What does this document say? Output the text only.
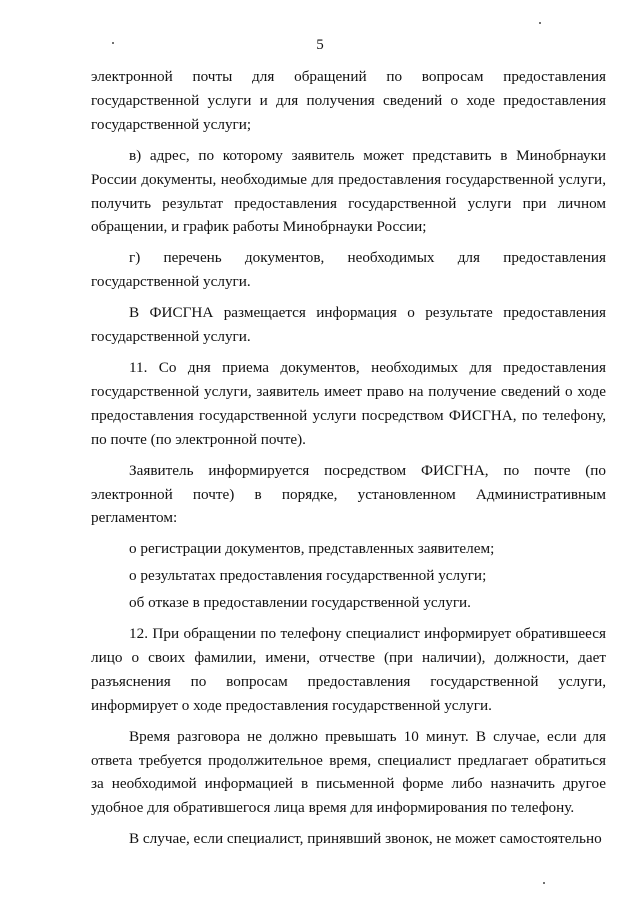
5

электронной почты для обращений по вопросам предоставления государственной услуги и для получения сведений о ходе предоставления государственной услуги;

в) адрес, по которому заявитель может представить в Минобрнауки России документы, необходимые для предоставления государственной услуги, получить результат предоставления государственной услуги при личном обращении, и график работы Минобрнауки России;

г) перечень документов, необходимых для предоставления государственной услуги.

В ФИСГНА размещается информация о результате предоставления государственной услуги.

11. Со дня приема документов, необходимых для предоставления государственной услуги, заявитель имеет право на получение сведений о ходе предоставления государственной услуги посредством ФИСГНА, по телефону, по почте (по электронной почте).

Заявитель информируется посредством ФИСГНА, по почте (по электронной почте) в порядке, установленном Административным регламентом:

о регистрации документов, представленных заявителем;

о результатах предоставления государственной услуги;

об отказе в предоставлении государственной услуги.

12. При обращении по телефону специалист информирует обратившееся лицо о своих фамилии, имени, отчестве (при наличии), должности, дает разъяснения по вопросам предоставления государственной услуги, информирует о ходе предоставления государственной услуги.

Время разговора не должно превышать 10 минут. В случае, если для ответа требуется продолжительное время, специалист предлагает обратиться за необходимой информацией в письменной форме либо назначить другое удобное для обратившегося лица время для информирования по телефону.

В случае, если специалист, принявший звонок, не может самостоятельно
